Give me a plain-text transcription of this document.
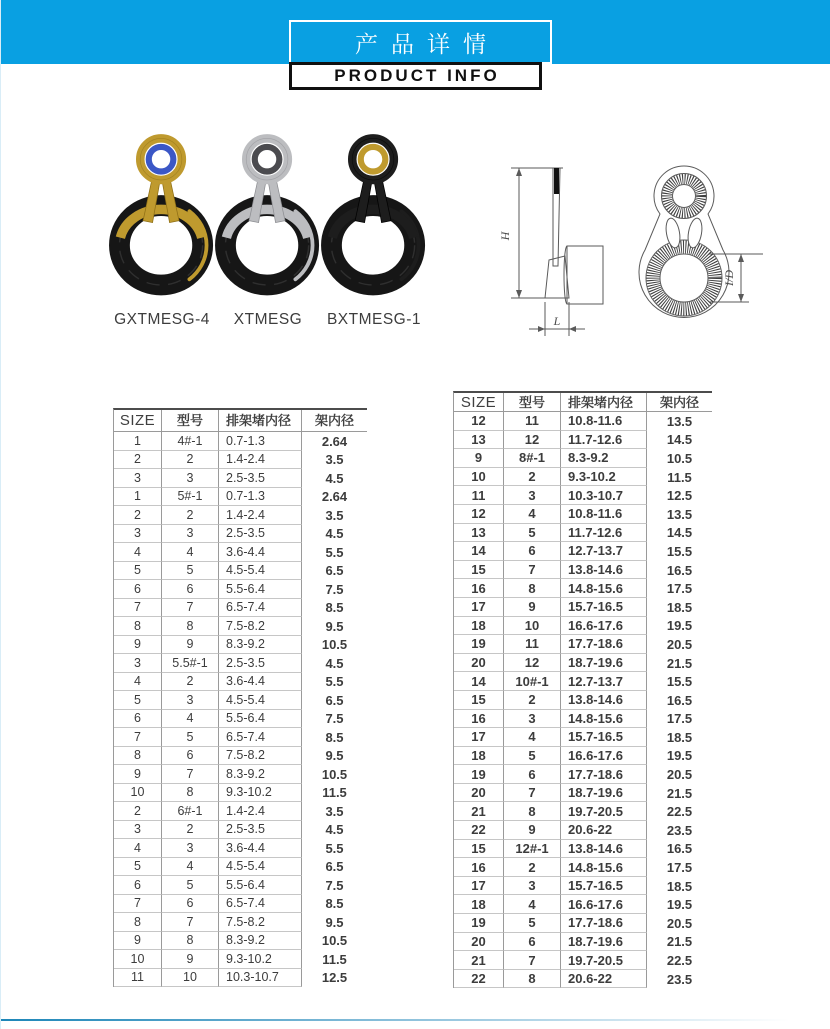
产品详情
PRODUCT INFO
GXTMESG-4	XTMESG	BXTMESG-1
H
L
I/D
SIZE	型号	排架堵内径	架内径
1	4#-1	0.7-1.3	2.64
2	2	1.4-2.4	3.5
3	3	2.5-3.5	4.5
1	5#-1	0.7-1.3	2.64
2	2	1.4-2.4	3.5
3	3	2.5-3.5	4.5
4	4	3.6-4.4	5.5
5	5	4.5-5.4	6.5
6	6	5.5-6.4	7.5
7	7	6.5-7.4	8.5
8	8	7.5-8.2	9.5
9	9	8.3-9.2	10.5
3	5.5#-1	2.5-3.5	4.5
4	2	3.6-4.4	5.5
5	3	4.5-5.4	6.5
6	4	5.5-6.4	7.5
7	5	6.5-7.4	8.5
8	6	7.5-8.2	9.5
9	7	8.3-9.2	10.5
10	8	9.3-10.2	11.5
2	6#-1	1.4-2.4	3.5
3	2	2.5-3.5	4.5
4	3	3.6-4.4	5.5
5	4	4.5-5.4	6.5
6	5	5.5-6.4	7.5
7	6	6.5-7.4	8.5
8	7	7.5-8.2	9.5
9	8	8.3-9.2	10.5
10	9	9.3-10.2	11.5
11	10	10.3-10.7	12.5
SIZE	型号	排架堵内径	架内径
12	11	10.8-11.6	13.5
13	12	11.7-12.6	14.5
9	8#-1	8.3-9.2	10.5
10	2	9.3-10.2	11.5
11	3	10.3-10.7	12.5
12	4	10.8-11.6	13.5
13	5	11.7-12.6	14.5
14	6	12.7-13.7	15.5
15	7	13.8-14.6	16.5
16	8	14.8-15.6	17.5
17	9	15.7-16.5	18.5
18	10	16.6-17.6	19.5
19	11	17.7-18.6	20.5
20	12	18.7-19.6	21.5
14	10#-1	12.7-13.7	15.5
15	2	13.8-14.6	16.5
16	3	14.8-15.6	17.5
17	4	15.7-16.5	18.5
18	5	16.6-17.6	19.5
19	6	17.7-18.6	20.5
20	7	18.7-19.6	21.5
21	8	19.7-20.5	22.5
22	9	20.6-22	23.5
15	12#-1	13.8-14.6	16.5
16	2	14.8-15.6	17.5
17	3	15.7-16.5	18.5
18	4	16.6-17.6	19.5
19	5	17.7-18.6	20.5
20	6	18.7-19.6	21.5
21	7	19.7-20.5	22.5
22	8	20.6-22	23.5
